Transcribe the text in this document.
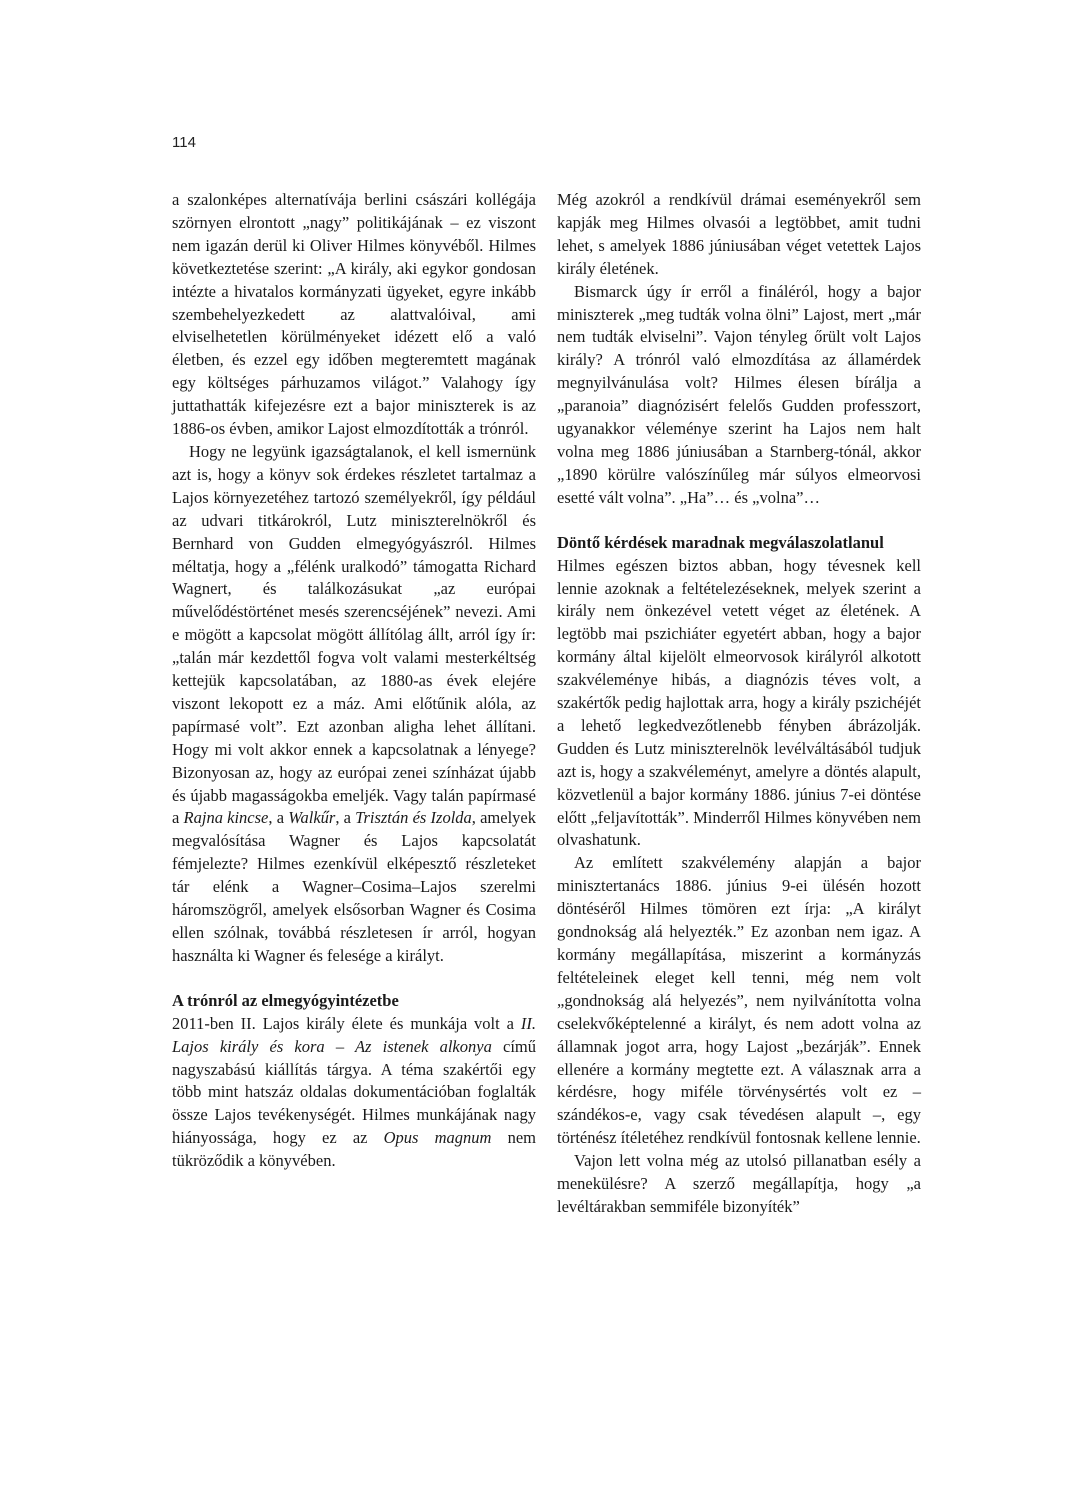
114

a szalonképes alternatívája berlini császári kollégája szörnyen elrontott „nagy” politikájának – ez viszont nem igazán derül ki Oliver Hilmes könyvéből. Hilmes következtetése szerint: „A király, aki egykor gondosan intézte a hivatalos kormányzati ügyeket, egyre inkább szembehelyezkedett az alattvalóival, ami elviselhetetlen körülményeket idézett elő a való életben, és ezzel egy időben megteremtett magának egy költséges párhuzamos világot.” Valahogy így juttathatták kifejezésre ezt a bajor miniszterek is az 1886-os évben, amikor Lajost elmozdították a trónról.

Hogy ne legyünk igazságtalanok, el kell ismernünk azt is, hogy a könyv sok érdekes részletet tartalmaz a Lajos környezetéhez tartozó személyekről, így például az udvari titkárokról, Lutz miniszterelnökről és Bernhard von Gudden elmegyógyászról. Hilmes méltatja, hogy a „félénk uralkodó” támogatta Richard Wagnert, és találkozásukat „az európai művelődéstörténet mesés szerencséjének” nevezi. Ami e mögött a kapcsolat mögött állítólag állt, arról így ír: „talán már kezdettől fogva volt valami mesterkéltség kettejük kapcsolatában, az 1880-as évek elejére viszont lekopott ez a máz. Ami előtűnik alóla, az papírmasé volt”. Ezt azonban aligha lehet állítani. Hogy mi volt akkor ennek a kapcsolatnak a lényege? Bizonyosan az, hogy az európai zenei színházat újabb és újabb magasságokba emeljék. Vagy talán papírmasé a Rajna kincse, a Walkűr, a Trisztán és Izolda, amelyek megvalósítása Wagner és Lajos kapcsolatát fémjelezte? Hilmes ezenkívül elképesztő részleteket tár elénk a Wagner–Cosima–Lajos szerelmi háromszögről, amelyek elsősorban Wagner és Cosima ellen szólnak, továbbá részletesen ír arról, hogyan használta ki Wagner és felesége a királyt.

A trónról az elmegyógyintézetbe

2011-ben II. Lajos király élete és munkája volt a II. Lajos király és kora – Az istenek alkonya című nagyszabású kiállítás tárgya. A téma szakértői egy több mint hatszáz oldalas dokumentációban foglalták össze Lajos tevékenységét. Hilmes munkájának nagy hiányossága, hogy ez az Opus magnum nem tükröződik a könyvében.

Még azokról a rendkívül drámai eseményekről sem kapják meg Hilmes olvasói a legtöbbet, amit tudni lehet, s amelyek 1886 júniusában véget vetettek Lajos király életének.

Bismarck úgy ír erről a fináléról, hogy a bajor miniszterek „meg tudták volna ölni” Lajost, mert „már nem tudták elviselni”. Vajon tényleg őrült volt Lajos király? A trónról való elmozdítása az államérdek megnyilvánulása volt? Hilmes élesen bírálja a „paranoia” diagnózisért felelős Gudden professzort, ugyanakkor véleménye szerint ha Lajos nem halt volna meg 1886 júniusában a Starnberg-tónál, akkor „1890 körülre valószínűleg már súlyos elmeorvosi esetté vált volna”. „Ha”… és „volna”…

Döntő kérdések maradnak megválaszolatlanul

Hilmes egészen biztos abban, hogy tévesnek kell lennie azoknak a feltételezéseknek, melyek szerint a király nem önkezével vetett véget az életének. A legtöbb mai pszichiáter egyetért abban, hogy a bajor kormány által kijelölt elmeorvosok királyról alkotott szakvéleménye hibás, a diagnózis téves volt, a szakértők pedig hajlottak arra, hogy a király pszichéjét a lehető legkedvezőtlenebb fényben ábrázolják. Gudden és Lutz miniszterelnök levélváltásából tudjuk azt is, hogy a szakvéleményt, amelyre a döntés alapult, közvetlenül a bajor kormány 1886. június 7-ei döntése előtt „feljavították”. Minderről Hilmes könyvében nem olvashatunk.

Az említett szakvélemény alapján a bajor minisztertanács 1886. június 9-ei ülésén hozott döntéséről Hilmes tömören ezt írja: „A királyt gondnokság alá helyezték.” Ez azonban nem igaz. A kormány megállapítása, miszerint a kormányzás feltételeinek eleget kell tenni, még nem volt „gondnokság alá helyezés”, nem nyilvánította volna cselekvőképtelenné a királyt, és nem adott volna az államnak jogot arra, hogy Lajost „bezárják”. Ennek ellenére a kormány megtette ezt. A válasznak arra a kérdésre, hogy miféle törvénysértés volt ez – szándékos-e, vagy csak tévedésen alapult –, egy történész ítéletéhez rendkívül fontosnak kellene lennie.

Vajon lett volna még az utolsó pillanatban esély a menekülésre? A szerző megállapítja, hogy „a levéltárakban semmiféle bizonyíték”
